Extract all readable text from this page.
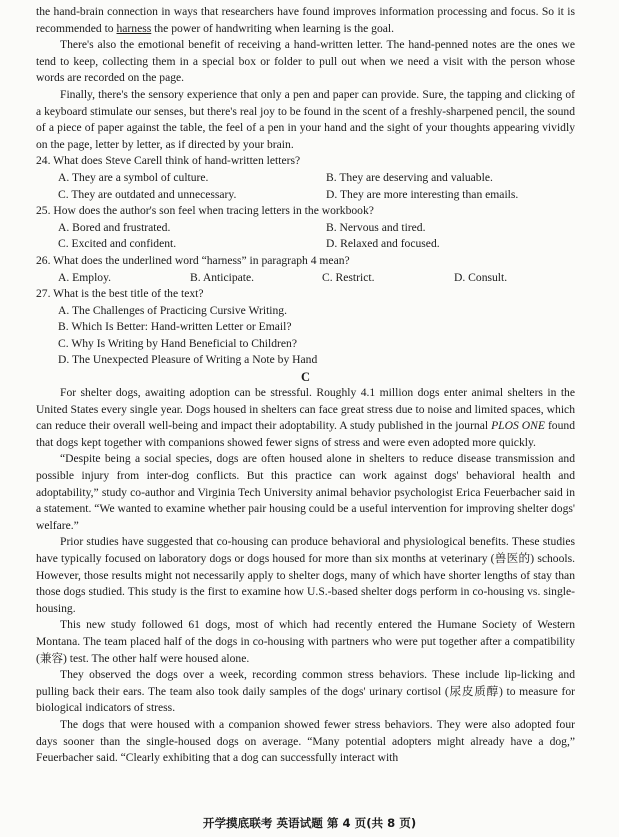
the hand-brain connection in ways that researchers have found improves information processing and focus. So it is recommended to harness the power of handwriting when learning is the goal.

There's also the emotional benefit of receiving a hand-written letter. The hand-penned notes are the ones we tend to keep, collecting them in a special box or folder to pull out when we need a visit with the person whose words are recorded on the page.

Finally, there's the sensory experience that only a pen and paper can provide. Sure, the tapping and clicking of a keyboard stimulate our senses, but there's real joy to be found in the scent of a freshly-sharpened pencil, the sound of a piece of paper against the table, the feel of a pen in your hand and the sight of your thoughts appearing vividly on the page, letter by letter, as if directed by your brain.

24. What does Steve Carell think of hand-written letters?

A. They are a symbol of culture.	B. They are deserving and valuable.
C. They are outdated and unnecessary.	D. They are more interesting than emails.

25. How does the author's son feel when tracing letters in the workbook?

A. Bored and frustrated.	B. Nervous and tired.
C. Excited and confident.	D. Relaxed and focused.

26. What does the underlined word “harness” in paragraph 4 mean?

A. Employ.	B. Anticipate.	C. Restrict.	D. Consult.

27. What is the best title of the text?

A. The Challenges of Practicing Cursive Writing.
B. Which Is Better: Hand-written Letter or Email?
C. Why Is Writing by Hand Beneficial to Children?
D. The Unexpected Pleasure of Writing a Note by Hand

C

For shelter dogs, awaiting adoption can be stressful. Roughly 4.1 million dogs enter animal shelters in the United States every single year. Dogs housed in shelters can face great stress due to noise and limited spaces, which can reduce their overall well-being and impact their adoptability. A study published in the journal PLOS ONE found that dogs kept together with companions showed fewer signs of stress and were even adopted more quickly.

“Despite being a social species, dogs are often housed alone in shelters to reduce disease transmission and possible injury from inter-dog conflicts. But this practice can work against dogs' behavioral health and adoptability,” study co-author and Virginia Tech University animal behavior psychologist Erica Feuerbacher said in a statement. “We wanted to examine whether pair housing could be a useful intervention for improving shelter dogs' welfare.”

Prior studies have suggested that co-housing can produce behavioral and physiological benefits. These studies have typically focused on laboratory dogs or dogs housed for more than six months at veterinary (兽医的) schools. However, those results might not necessarily apply to shelter dogs, many of which have shorter lengths of stay than those dogs studied. This study is the first to examine how U.S.-based shelter dogs perform in co-housing vs. single-housing.

This new study followed 61 dogs, most of which had recently entered the Humane Society of Western Montana. The team placed half of the dogs in co-housing with partners who were put together after a compatibility (兼容) test. The other half were housed alone.

They observed the dogs over a week, recording common stress behaviors. These include lip-licking and pulling back their ears. The team also took daily samples of the dogs' urinary cortisol (尿皮质醇) to measure for biological indicators of stress.

The dogs that were housed with a companion showed fewer stress behaviors. They were also adopted four days sooner than the single-housed dogs on average. “Many potential adopters might already have a dog,” Feuerbacher said. “Clearly exhibiting that a dog can successfully interact with

开学摸底联考 英语试题 第 4 页(共 8 页)
